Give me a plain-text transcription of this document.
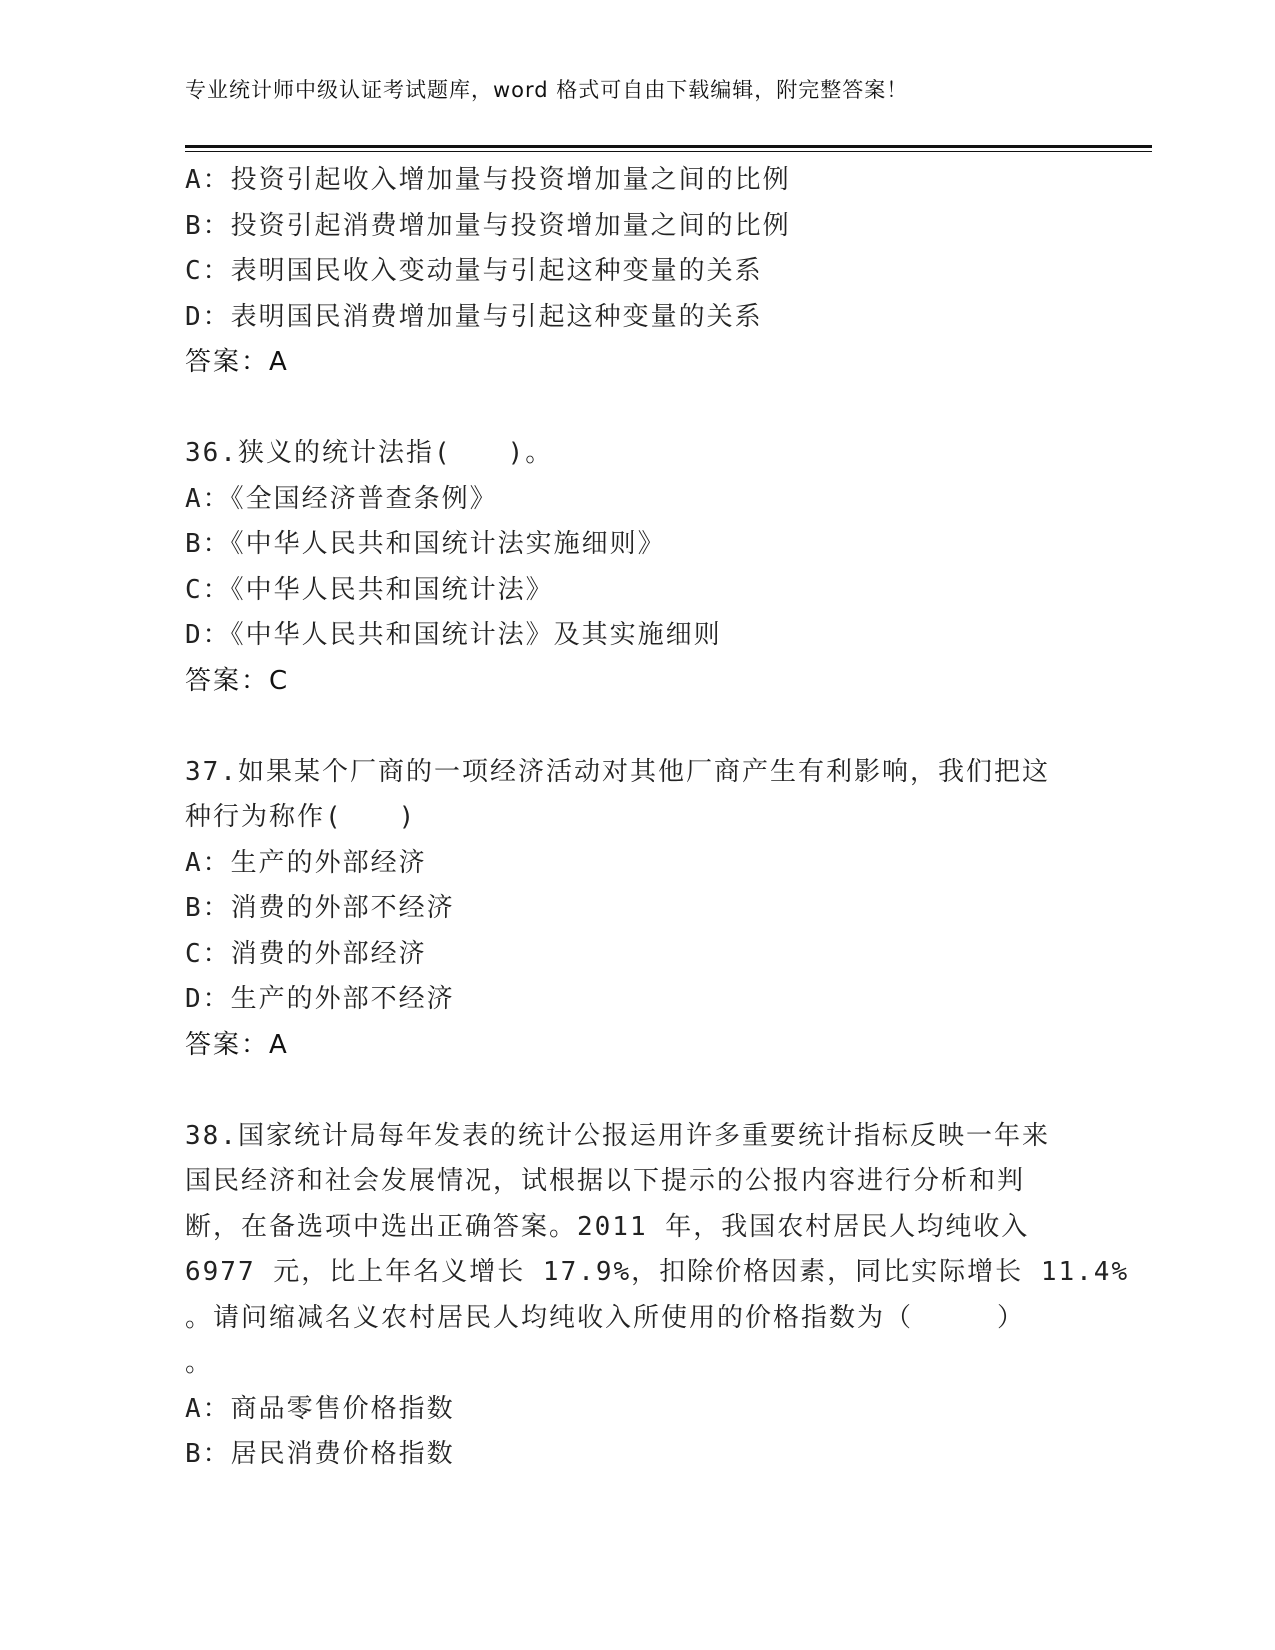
专业统计师中级认证考试题库，word 格式可自由下载编辑，附完整答案！
A：投资引起收入增加量与投资增加量之间的比例
B：投资引起消费增加量与投资增加量之间的比例
C：表明国民收入变动量与引起这种变量的关系
D：表明国民消费增加量与引起这种变量的关系
答案：A
36.狭义的统计法指(　　)。
A：《全国经济普查条例》
B：《中华人民共和国统计法实施细则》
C：《中华人民共和国统计法》
D：《中华人民共和国统计法》及其实施细则
答案：C
37.如果某个厂商的一项经济活动对其他厂商产生有利影响，我们把这
种行为称作(　　)
A：生产的外部经济
B：消费的外部不经济
C：消费的外部经济
D：生产的外部不经济
答案：A
38.国家统计局每年发表的统计公报运用许多重要统计指标反映一年来
国民经济和社会发展情况，试根据以下提示的公报内容进行分析和判
断，在备选项中选出正确答案。2011 年，我国农村居民人均纯收入
6977 元，比上年名义增长 17.9%，扣除价格因素，同比实际增长 11.4%
。请问缩减名义农村居民人均纯收入所使用的价格指数为（　　　）
。
A：商品零售价格指数
B：居民消费价格指数
